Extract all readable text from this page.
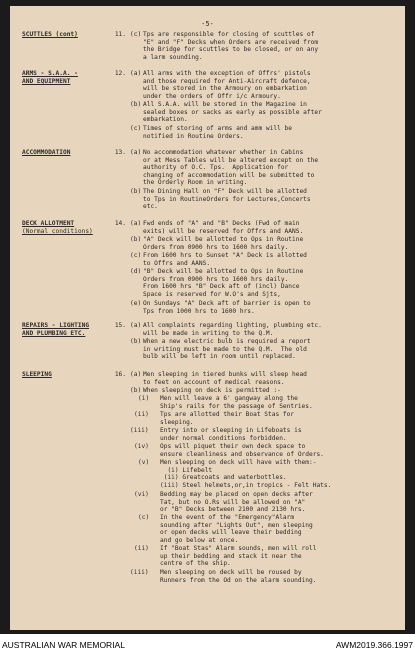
-5-
SCUTTLES (cont)	11. (c) Tps are responsible for closing of scuttles of
"E" and "F" Decks when Orders are received from
the Bridge for scuttles to be closed, or on any
a larm sounding.
ARMS - S.A.A. -
AND EQUIPMENT
12. (a) All arms with the exception of Offrs' pistols
and those required for Anti-Aircraft defence,
will be stored in the Armoury on embarkation
under the orders of Offr i/c Armoury.
(b) All S.A.A. will be stored in the Magazine in
sealed boxes or sacks as early as possible after
embarkation.
(c) Times of storing of arms and amm will be
notified in Routine Orders.
ACCOMMODATION	13. (a) No accommodation whatever whether in Cabins
or at Mess Tables will be altered except on the
authority of O.C. Tps.  Application for
changing of accommodation will be submitted to
the Orderly Room in writing.
(b) The Dining Hall on "F" Deck will be allotted
to Tps in RoutineOrders for Lectures,Concerts
etc.
DECK ALLOTMENT
(Normal conditions)
14. (a) Fwd ends of "A" and "B" Decks (Fwd of main
exits) will be reserved for Offrs and AANS.
(b) "A" Deck will be allotted to Ops in Routine
Orders from 0900 hrs to 1600 hrs daily.
(c) From 1600 hrs to Sunset "A" Deck is allotted
to Offrs and AANS.
(d) "B" Deck will be allotted to Ops in Routine
Orders from 0900 hrs to 1600 hrs daily.
From 1600 hrs "B" Deck aft of (incl) Dance
Space is reserved for W.O's and Sjts,
(e) On Sundays "A" Deck aft of barrier is open to
Tps from 1000 hrs to 1600 hrs.
REPAIRS - LIGHTING
AND PLUMBING ETC.
15. (a) All complaints regarding lighting, plumbing etc.
will be made in writing to the Q.M.
(b) When a new electric bulb is required a report
in writing must be made to the Q.M.  The old
bulb will be left in room until replaced.
SLEEPING	16. (a) Men sleeping in tiered bunks will sleep head
to feet on account of medical reasons.
(b) When sleeping on deck is permitted :-
(i) Men will leave a 6' gangway along the
Ship's rails for the passage of Sentries.
(ii) Tps are allotted their Boat Stas for
sleeping.
(iii) Entry into or sleeping in Lifeboats is
under normal conditions forbidden.
(iv) Ops will piquet their own deck space to
ensure cleanliness and observance of Orders.
(v) Men sleeping on deck will have with them:-
(i) Lifebelt
(ii) Greatcoats and waterbottles.
(iii) Steel helmets,or,in tropics - Felt Hats.
(vi) Bedding may be placed on open decks after
Tat, but no O.Rs will be allowed on "A"
or "B" Decks between 2100 and 2130 hrs.
(c) In the event of the "Emergency"Alarm
sounding after "Lights Out", men sleeping
or open decks will leave their bedding
and go below at once.
(ii) If "Boat Stas" Alarm sounds, men will roll
up their bedding and stack it near the
centre of the ship.
(iii) Men sleeping on deck will be roused by
Runners from the Od on the alarm sounding.
AUSTRALIAN WAR MEMORIAL	AWM2019.366.1997
